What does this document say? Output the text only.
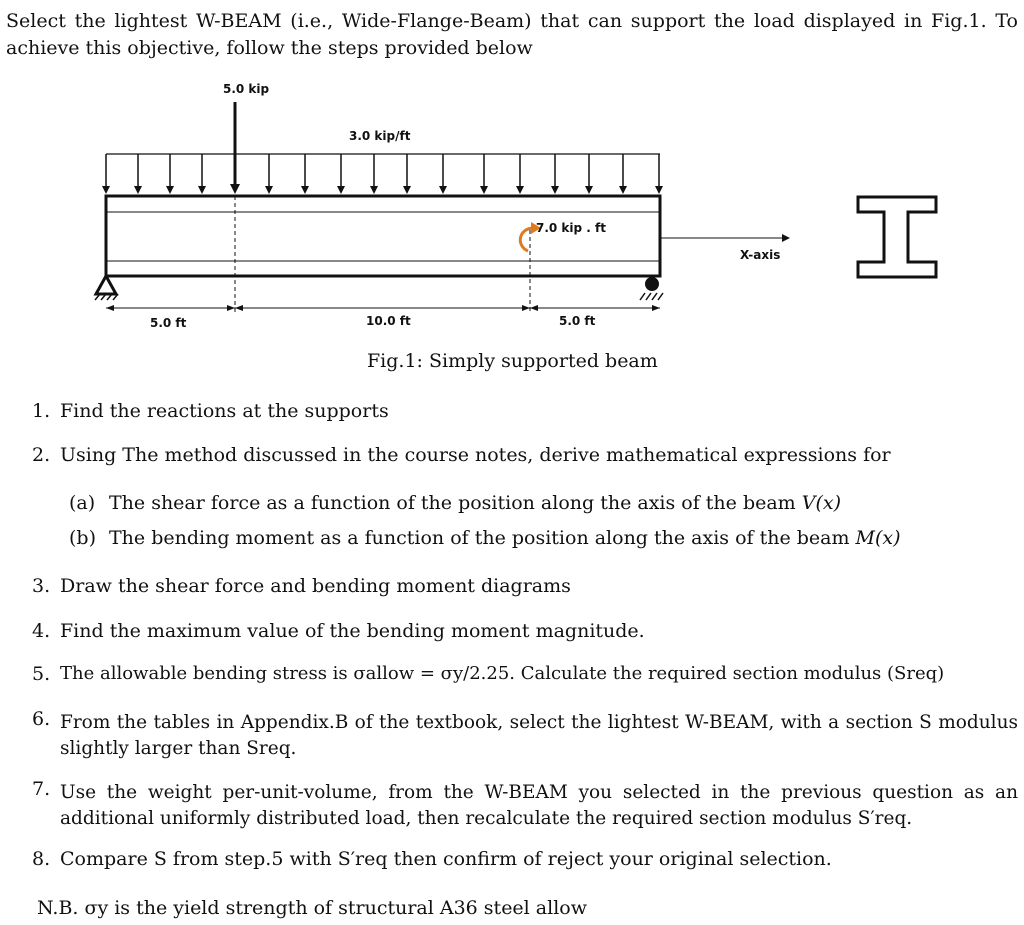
Select the lightest W-BEAM (i.e., Wide-Flange-Beam) that can support the load displayed in Fig.1. To achieve this objective, follow the steps provided below
5.0 kip
3.0 kip/ft
7.0 kip . ft
X-axis
5.0 ft	10.0 ft	5.0 ft
Fig.1: Simply supported beam
1. Find the reactions at the supports
2. Using The method discussed in the course notes, derive mathematical expressions for
(a) The shear force as a function of the position along the axis of the beam V(x)
(b) The bending moment as a function of the position along the axis of the beam M(x)
3. Draw the shear force and bending moment diagrams
4. Find the maximum value of the bending moment magnitude.
5. The allowable bending stress is σallow = σy/2.25. Calculate the required section modulus (Sreq)
6. From the tables in Appendix.B of the textbook, select the lightest W-BEAM, with a section S modulus slightly larger than Sreq.
7. Use the weight per-unit-volume, from the W-BEAM you selected in the previous question as an additional uniformly distributed load, then recalculate the required section modulus S′req.
8. Compare S from step.5 with S′req then confirm of reject your original selection.
N.B. σy is the yield strength of structural A36 steel allow
